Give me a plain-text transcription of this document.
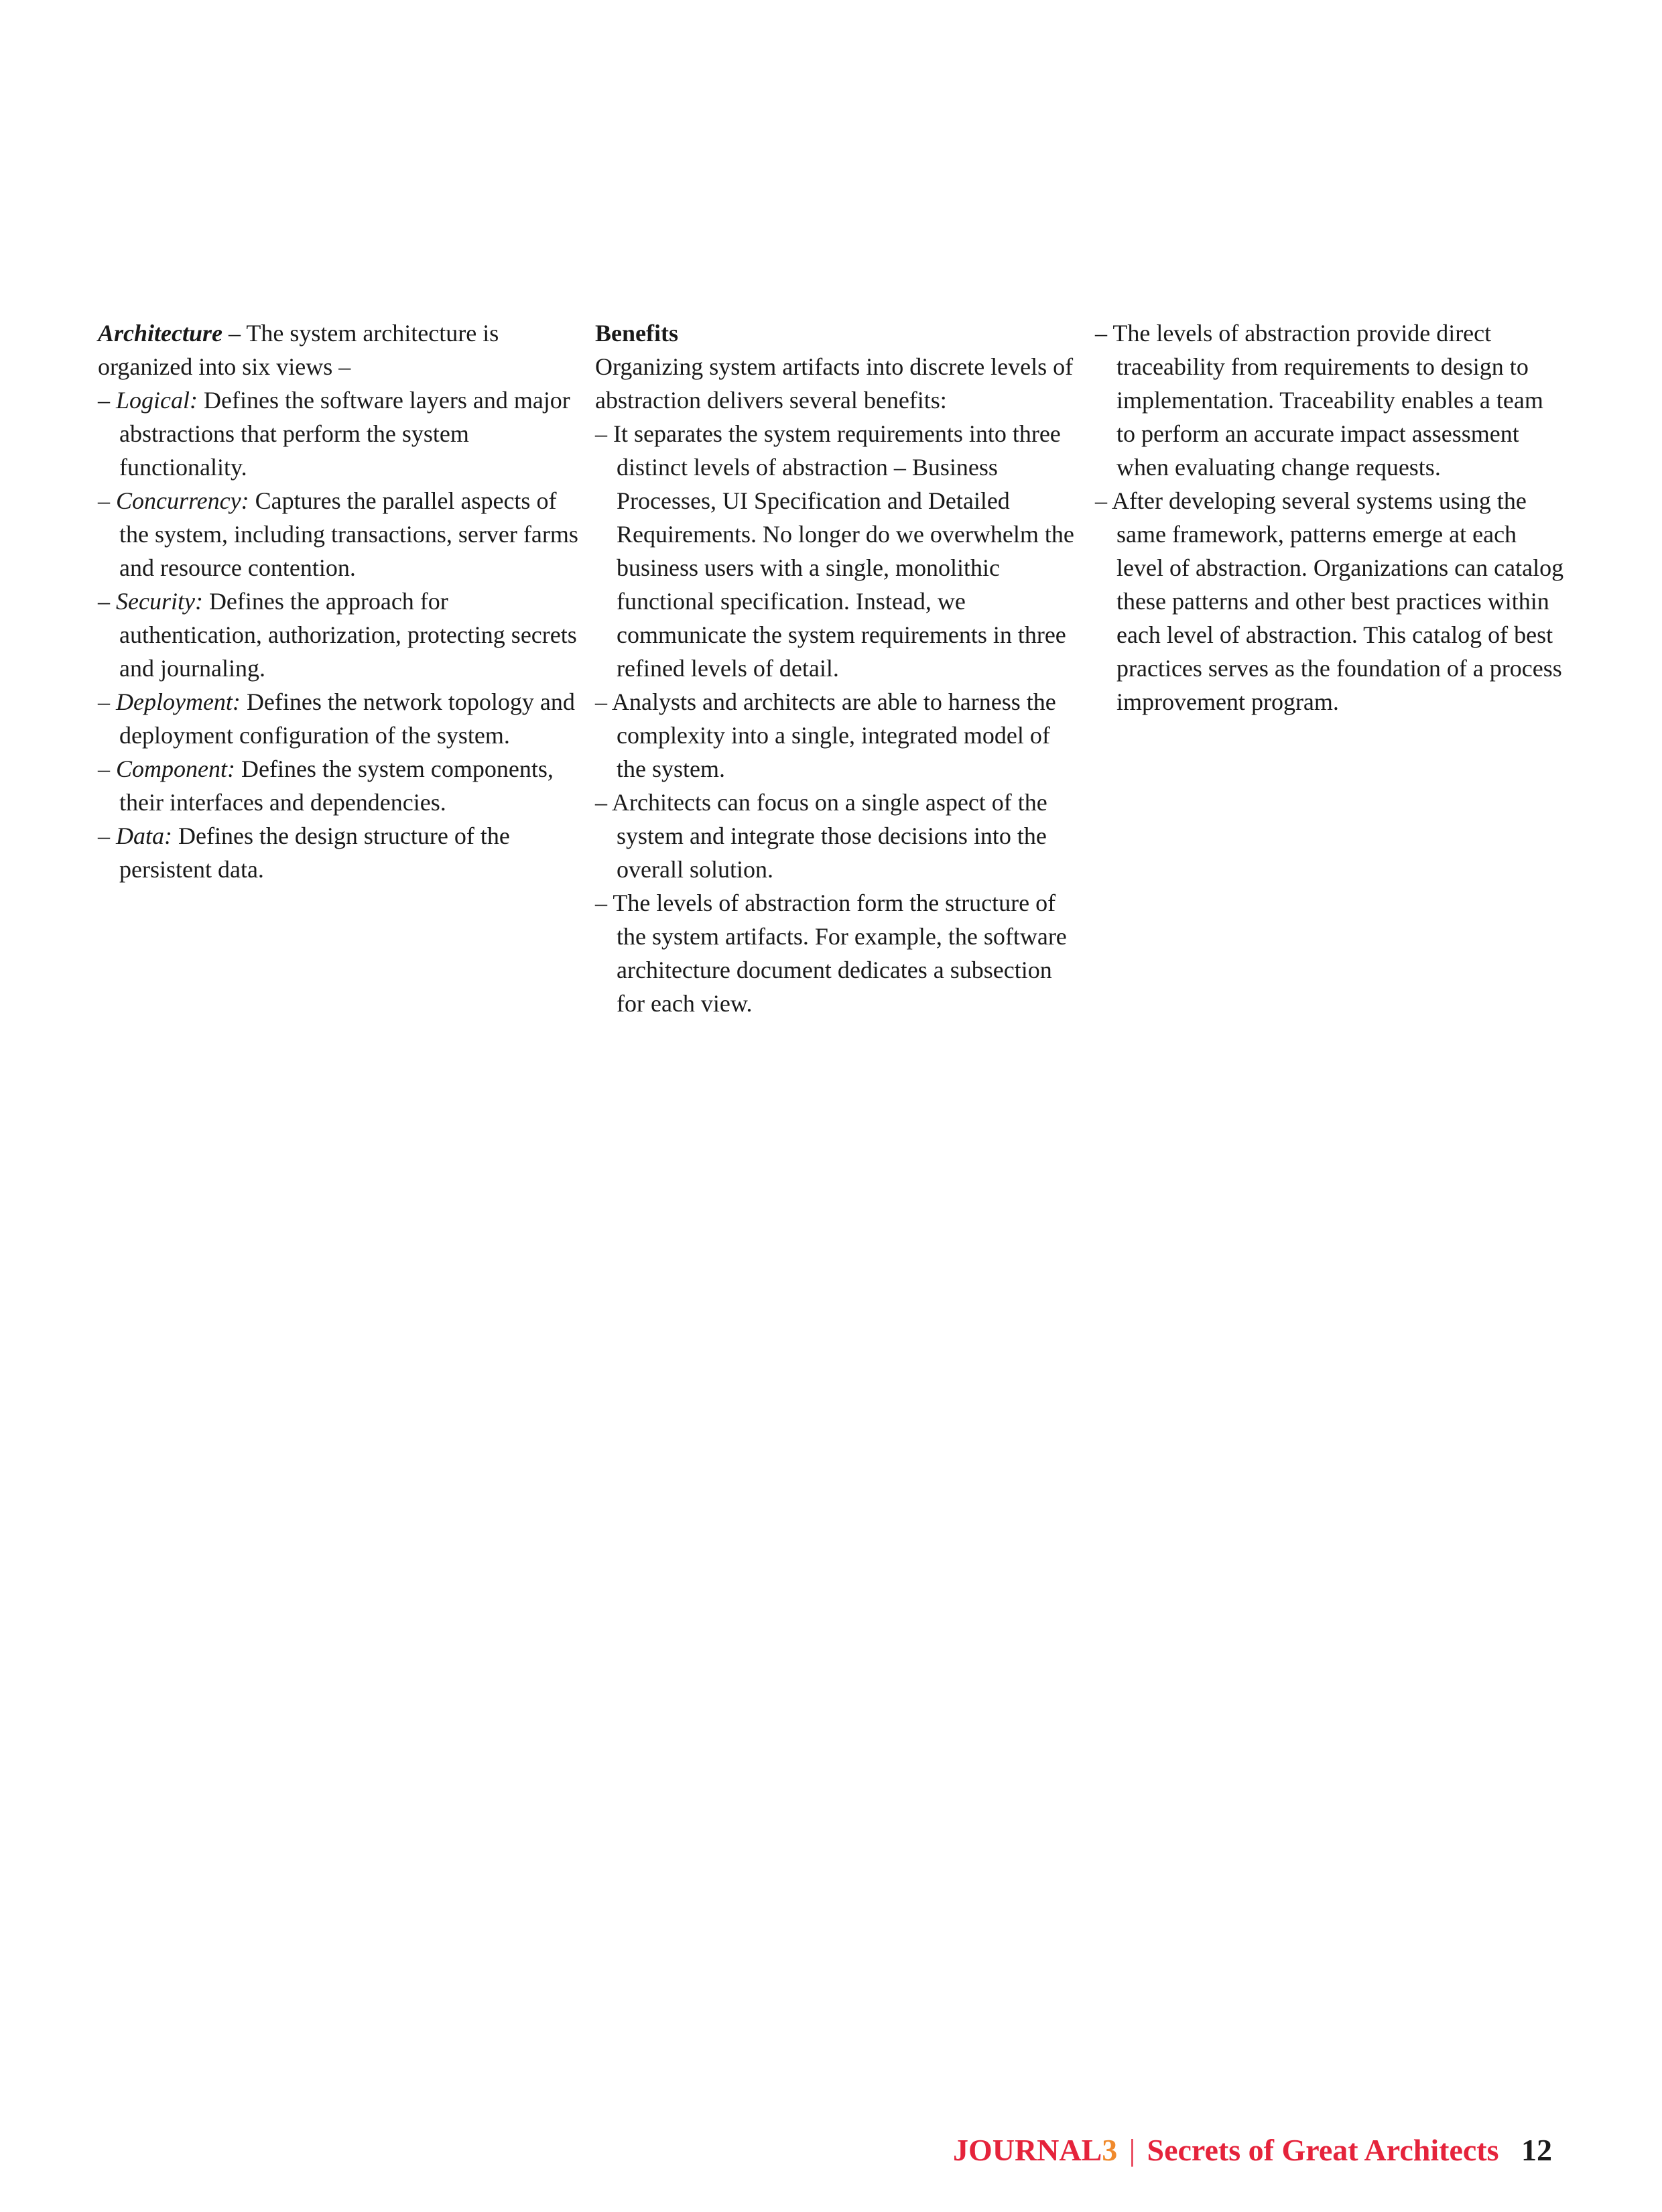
Architecture – The system architecture is organized into six views –

– Logical: Defines the software layers and major abstractions that perform the system functionality.

– Concurrency: Captures the parallel aspects of the system, including transactions, server farms and resource contention.

– Security: Defines the approach for authentication, authorization, protecting secrets and journaling.

– Deployment: Defines the network topology and deployment configuration of the system.

– Component: Defines the system components, their interfaces and dependencies.

– Data: Defines the design structure of the persistent data.

Benefits

Organizing system artifacts into discrete levels of abstraction delivers several benefits:

– It separates the system requirements into three distinct levels of abstraction – Business Processes, UI Specification and Detailed Requirements. No longer do we overwhelm the business users with a single, monolithic functional specification. Instead, we communicate the system requirements in three refined levels of detail.

– Analysts and architects are able to harness the complexity into a single, integrated model of the system.

– Architects can focus on a single aspect of the system and integrate those decisions into the overall solution.

– The levels of abstraction form the structure of the system artifacts. For example, the software architecture document dedicates a subsection for each view.

– The levels of abstraction provide direct traceability from requirements to design to implementation. Traceability enables a team to perform an accurate impact assessment when evaluating change requests.

– After developing several systems using the same framework, patterns emerge at each level of abstraction. Organizations can catalog these patterns and other best practices within each level of abstraction. This catalog of best practices serves as the foundation of a process improvement program.

JOURNAL3 | Secrets of Great Architects 12
